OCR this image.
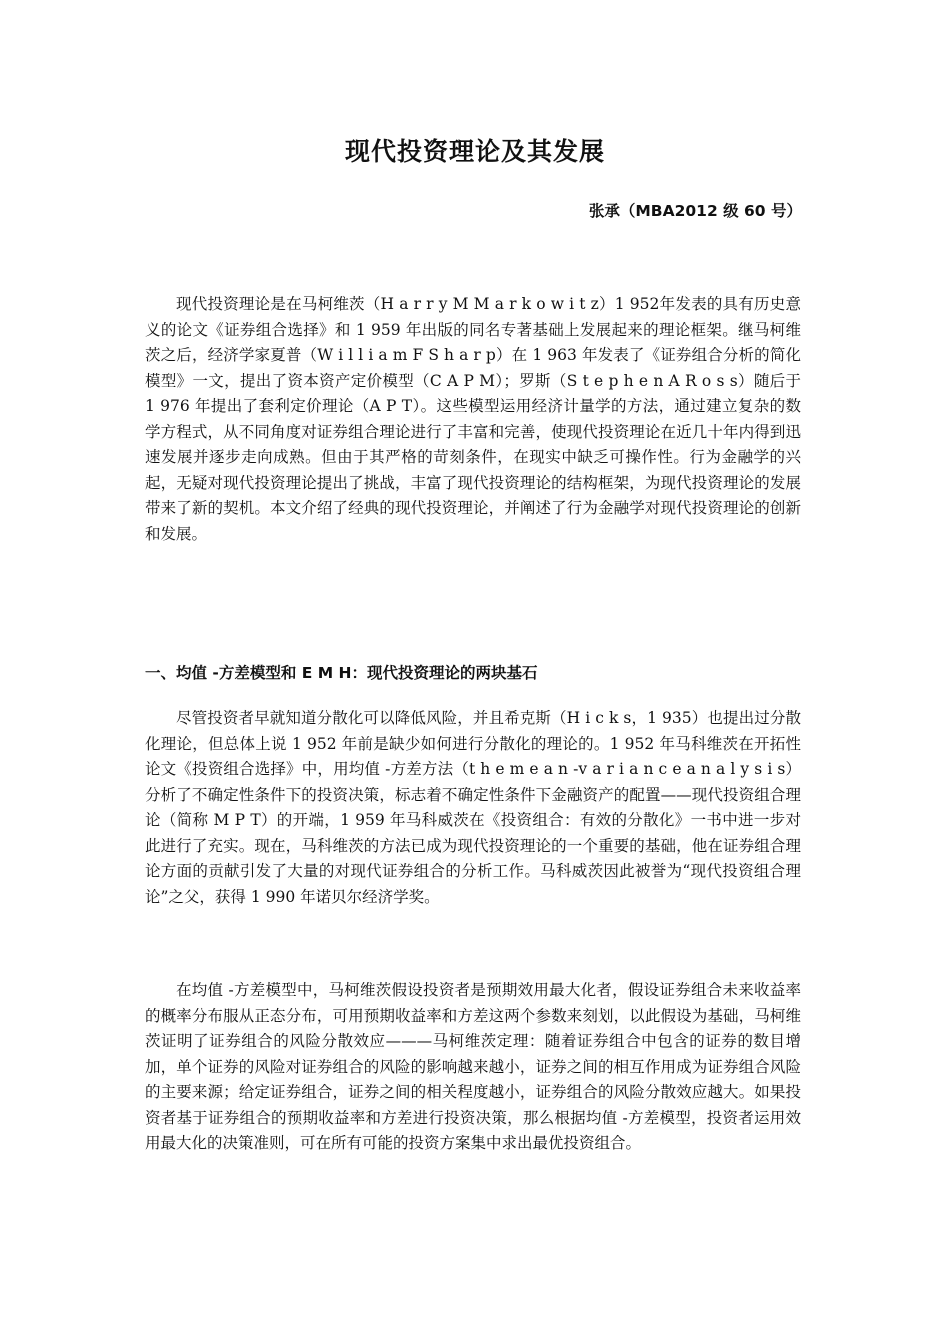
现代投资理论及其发展
张承（MBA2012 级 60 号）
现代投资理论是在马柯维茨（H a r r y M M a r k o w i t z）1 952年发表的具有历史意义的论文《证券组合选择》和 1 959 年出版的同名专著基础上发展起来的理论框架。继马柯维茨之后，经济学家夏普（W i l l i a m F S h a r p）在 1 963 年发表了《证券组合分析的简化模型》一文，提出了资本资产定价模型（C A P M）；罗斯（S t e p h e n A R o s s）随后于 1 976 年提出了套利定价理论（A P T）。这些模型运用经济计量学的方法，通过建立复杂的数学方程式，从不同角度对证券组合理论进行了丰富和完善，使现代投资理论在近几十年内得到迅速发展并逐步走向成熟。但由于其严格的苛刻条件，在现实中缺乏可操作性。行为金融学的兴起，无疑对现代投资理论提出了挑战，丰富了现代投资理论的结构框架，为现代投资理论的发展带来了新的契机。本文介绍了经典的现代投资理论，并阐述了行为金融学对现代投资理论的创新和发展。
一、均值 -方差模型和 E M H：现代投资理论的两块基石
尽管投资者早就知道分散化可以降低风险，并且希克斯（H i c k s，1 935）也提出过分散化理论，但总体上说 1 952 年前是缺少如何进行分散化的理论的。1 952 年马科维茨在开拓性论文《投资组合选择》中，用均值 -方差方法（t h e m e a n -v a r i a n c e a n a l y s i s）分析了不确定性条件下的投资决策，标志着不确定性条件下金融资产的配置——现代投资组合理论（简称 M P T）的开端，1 959 年马科威茨在《投资组合：有效的分散化》一书中进一步对此进行了充实。现在，马科维茨的方法已成为现代投资理论的一个重要的基础，他在证券组合理论方面的贡献引发了大量的对现代证券组合的分析工作。马科威茨因此被誉为“现代投资组合理论”之父，获得 1 990 年诺贝尔经济学奖。
在均值 -方差模型中，马柯维茨假设投资者是预期效用最大化者，假设证券组合未来收益率的概率分布服从正态分布，可用预期收益率和方差这两个参数来刻划，以此假设为基础，马柯维茨证明了证券组合的风险分散效应———马柯维茨定理：随着证券组合中包含的证券的数目增加，单个证券的风险对证券组合的风险的影响越来越小，证券之间的相互作用成为证券组合风险的主要来源；给定证券组合，证券之间的相关程度越小，证券组合的风险分散效应越大。如果投资者基于证券组合的预期收益率和方差进行投资决策，那么根据均值 -方差模型，投资者运用效用最大化的决策准则，可在所有可能的投资方案集中求出最优投资组合。
